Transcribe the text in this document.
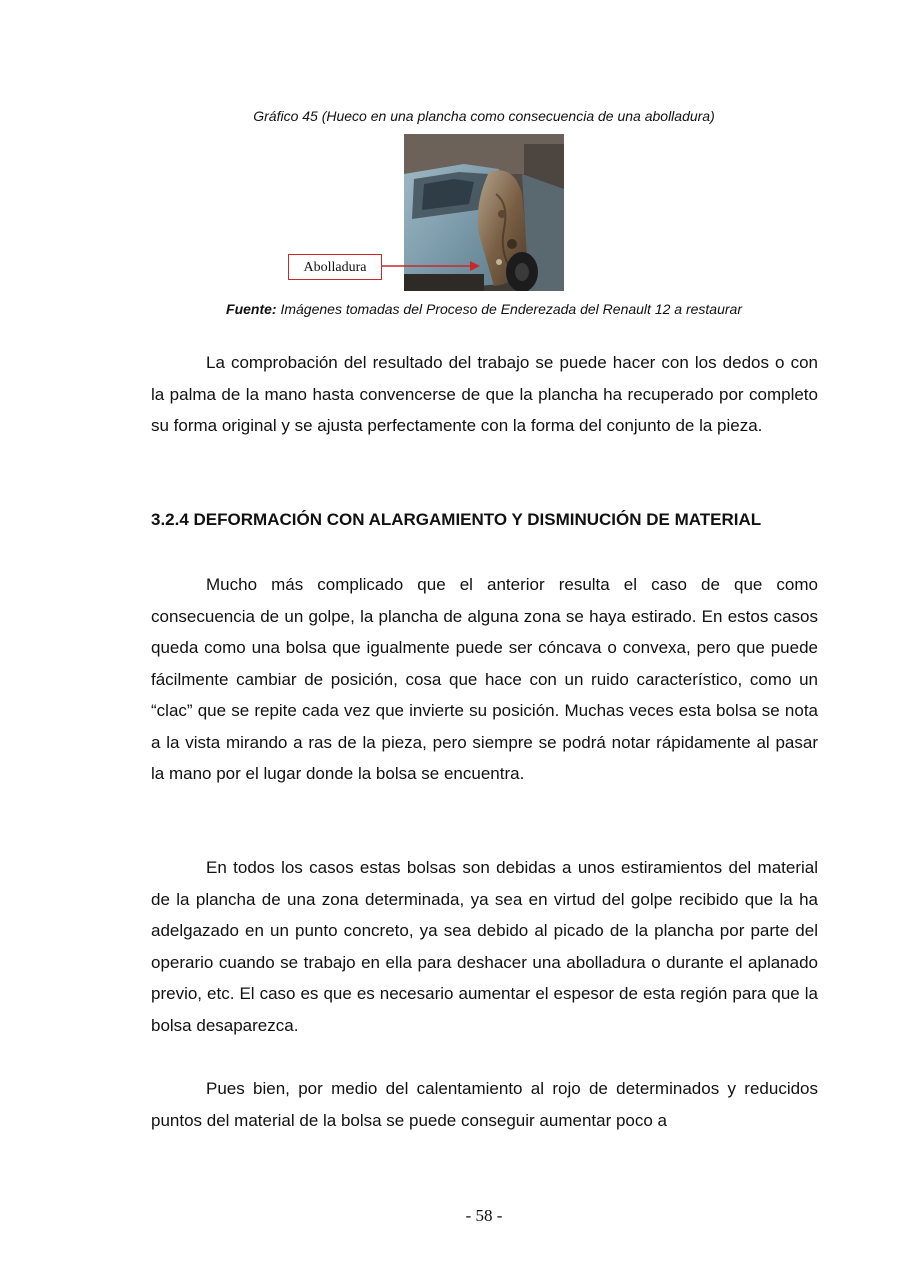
Gráfico 45 (Hueco en una plancha como consecuencia de una abolladura)
Abolladura
Fuente: Imágenes tomadas del Proceso de Enderezada del Renault 12 a restaurar

La comprobación del resultado del trabajo se puede hacer con los dedos o con la palma de la mano hasta convencerse de que la plancha ha recuperado por completo su forma original y se ajusta perfectamente con la forma del conjunto de la pieza.

3.2.4 DEFORMACIÓN CON ALARGAMIENTO Y DISMINUCIÓN DE MATERIAL

Mucho más complicado que el anterior resulta el caso de que como consecuencia de un golpe, la plancha de alguna zona se haya estirado. En estos casos queda como una bolsa que igualmente puede ser cóncava o convexa, pero que puede fácilmente cambiar de posición, cosa que hace con un ruido característico, como un “clac” que se repite cada vez que invierte su posición. Muchas veces esta bolsa se nota a la vista mirando a ras de la pieza, pero siempre se podrá notar rápidamente al pasar la mano por el lugar donde la bolsa se encuentra.

En todos los casos estas bolsas son debidas a unos estiramientos del material de la plancha de una zona determinada, ya sea en virtud del golpe recibido que la ha adelgazado en un punto concreto, ya sea debido al picado de la plancha por parte del operario cuando se trabajo en ella para deshacer una abolladura o durante el aplanado previo, etc. El caso es que es necesario aumentar el espesor de esta región para que la bolsa desaparezca.

Pues bien, por medio del calentamiento al rojo de determinados y reducidos puntos del material de la bolsa se puede conseguir aumentar poco a

- 58 -
